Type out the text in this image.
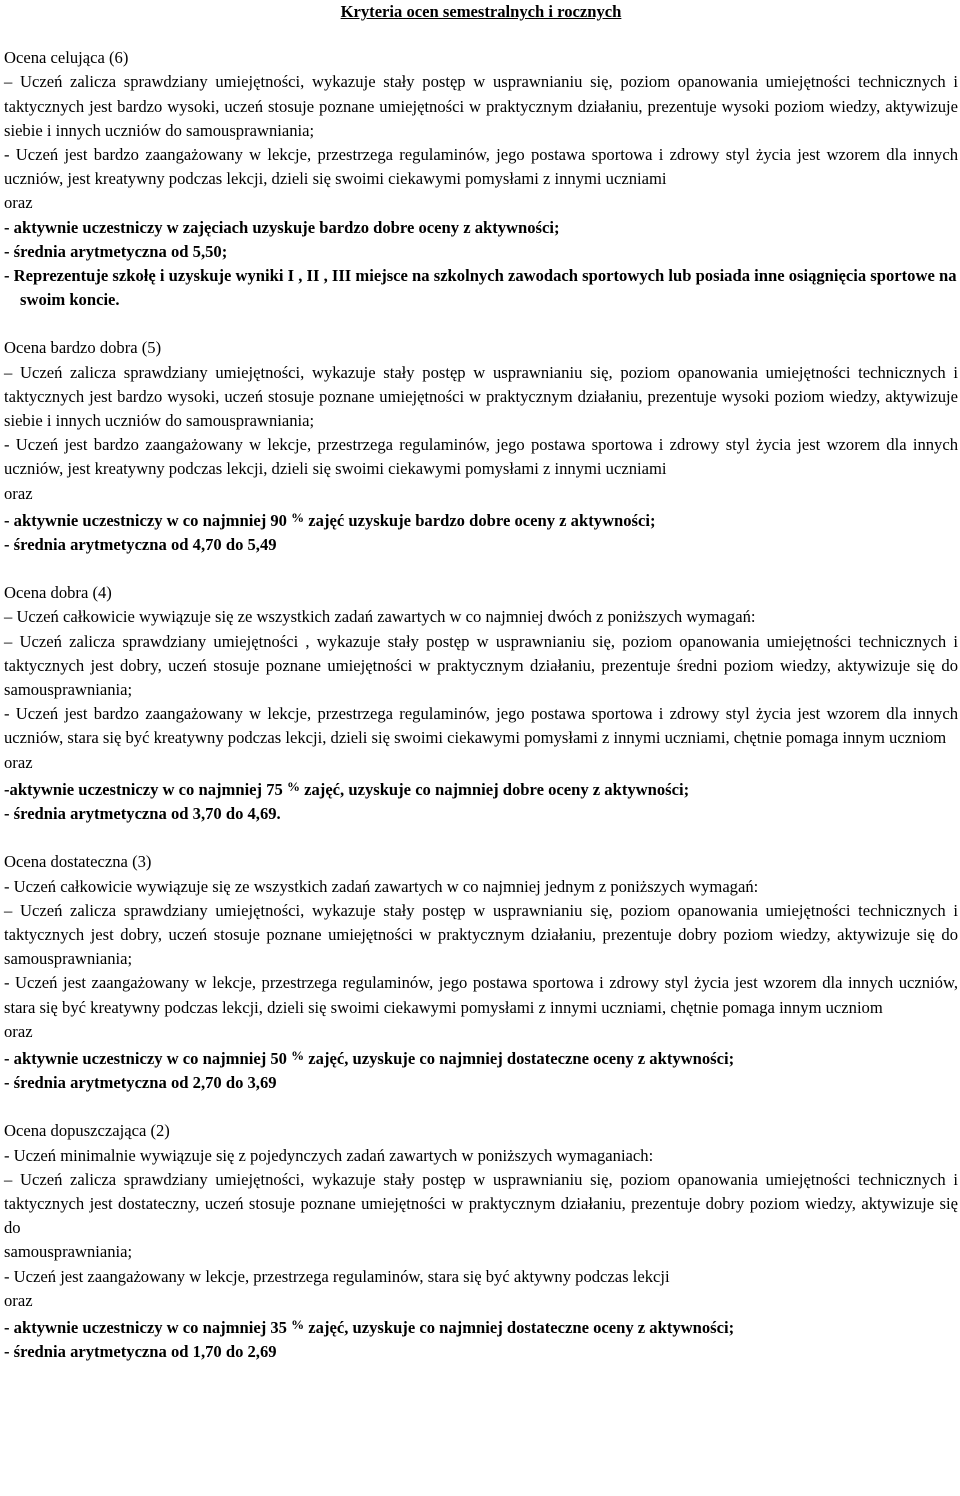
Kryteria ocen semestralnych i rocznych

Ocena celująca (6)

– Uczeń zalicza sprawdziany umiejętności, wykazuje stały postęp w usprawnianiu się, poziom opanowania umiejętności technicznych i taktycznych jest bardzo wysoki, uczeń stosuje poznane umiejętności w praktycznym działaniu, prezentuje wysoki poziom wiedzy, aktywizuje siebie i innych uczniów do samousprawniania;

- Uczeń jest bardzo zaangażowany w lekcje, przestrzega regulaminów, jego postawa sportowa i zdrowy styl życia jest wzorem dla innych uczniów, jest kreatywny podczas lekcji, dzieli się swoimi ciekawymi pomysłami z innymi uczniami

oraz

- aktywnie uczestniczy w zajęciach uzyskuje bardzo dobre oceny z aktywności;

- średnia arytmetyczna od 5,50;

- Reprezentuje szkołę i uzyskuje wyniki I , II , III miejsce na szkolnych zawodach sportowych lub posiada inne osiągnięcia sportowe na swoim koncie.

Ocena bardzo dobra (5)

– Uczeń zalicza sprawdziany umiejętności, wykazuje stały postęp w usprawnianiu się, poziom opanowania umiejętności technicznych i taktycznych jest bardzo wysoki, uczeń stosuje poznane umiejętności w praktycznym działaniu, prezentuje wysoki poziom wiedzy, aktywizuje siebie i innych uczniów do samousprawniania;

- Uczeń jest bardzo zaangażowany w lekcje, przestrzega regulaminów, jego postawa sportowa i zdrowy styl życia jest wzorem dla innych uczniów, jest kreatywny podczas lekcji, dzieli się swoimi ciekawymi pomysłami z innymi uczniami

oraz

- aktywnie uczestniczy w co najmniej 90 % zajęć uzyskuje bardzo dobre oceny z aktywności;

- średnia arytmetyczna od 4,70 do 5,49

Ocena dobra (4)

– Uczeń całkowicie wywiązuje się ze wszystkich zadań zawartych w co najmniej dwóch z poniższych wymagań:

– Uczeń zalicza sprawdziany umiejętności , wykazuje stały postęp w usprawnianiu się, poziom opanowania umiejętności technicznych i taktycznych jest dobry, uczeń stosuje poznane umiejętności w praktycznym działaniu, prezentuje średni poziom wiedzy, aktywizuje się do samousprawniania;

- Uczeń jest bardzo zaangażowany w lekcje, przestrzega regulaminów, jego postawa sportowa i zdrowy styl życia jest wzorem dla innych uczniów, stara się być kreatywny podczas lekcji, dzieli się swoimi ciekawymi pomysłami z innymi uczniami, chętnie pomaga innym uczniom

oraz

-aktywnie uczestniczy w co najmniej 75 % zajęć, uzyskuje co najmniej dobre oceny z aktywności;

- średnia arytmetyczna od 3,70 do 4,69.

Ocena dostateczna (3)

- Uczeń całkowicie wywiązuje się ze wszystkich zadań zawartych w co najmniej jednym z poniższych wymagań:

– Uczeń zalicza sprawdziany umiejętności, wykazuje stały postęp w usprawnianiu się, poziom opanowania umiejętności technicznych i taktycznych jest dobry, uczeń stosuje poznane umiejętności w praktycznym działaniu, prezentuje dobry poziom wiedzy, aktywizuje się do samousprawniania;

- Uczeń jest zaangażowany w lekcje, przestrzega regulaminów, jego postawa sportowa i zdrowy styl życia jest wzorem dla innych uczniów, stara się być kreatywny podczas lekcji, dzieli się swoimi ciekawymi pomysłami z innymi uczniami, chętnie pomaga innym uczniom

oraz

- aktywnie uczestniczy w co najmniej 50 % zajęć, uzyskuje co najmniej dostateczne oceny z aktywności;

- średnia arytmetyczna od 2,70 do 3,69

Ocena dopuszczająca (2)

- Uczeń minimalnie wywiązuje się z pojedynczych zadań zawartych w poniższych wymaganiach:

– Uczeń zalicza sprawdziany umiejętności, wykazuje stały postęp w usprawnianiu się, poziom opanowania umiejętności technicznych i taktycznych jest dostateczny, uczeń stosuje poznane umiejętności w praktycznym działaniu, prezentuje dobry poziom wiedzy, aktywizuje się do

samousprawniania;

- Uczeń jest zaangażowany w lekcje, przestrzega regulaminów, stara się być aktywny podczas lekcji

oraz

- aktywnie uczestniczy w co najmniej 35 % zajęć, uzyskuje co najmniej dostateczne oceny z aktywności;

- średnia arytmetyczna od 1,70 do 2,69
